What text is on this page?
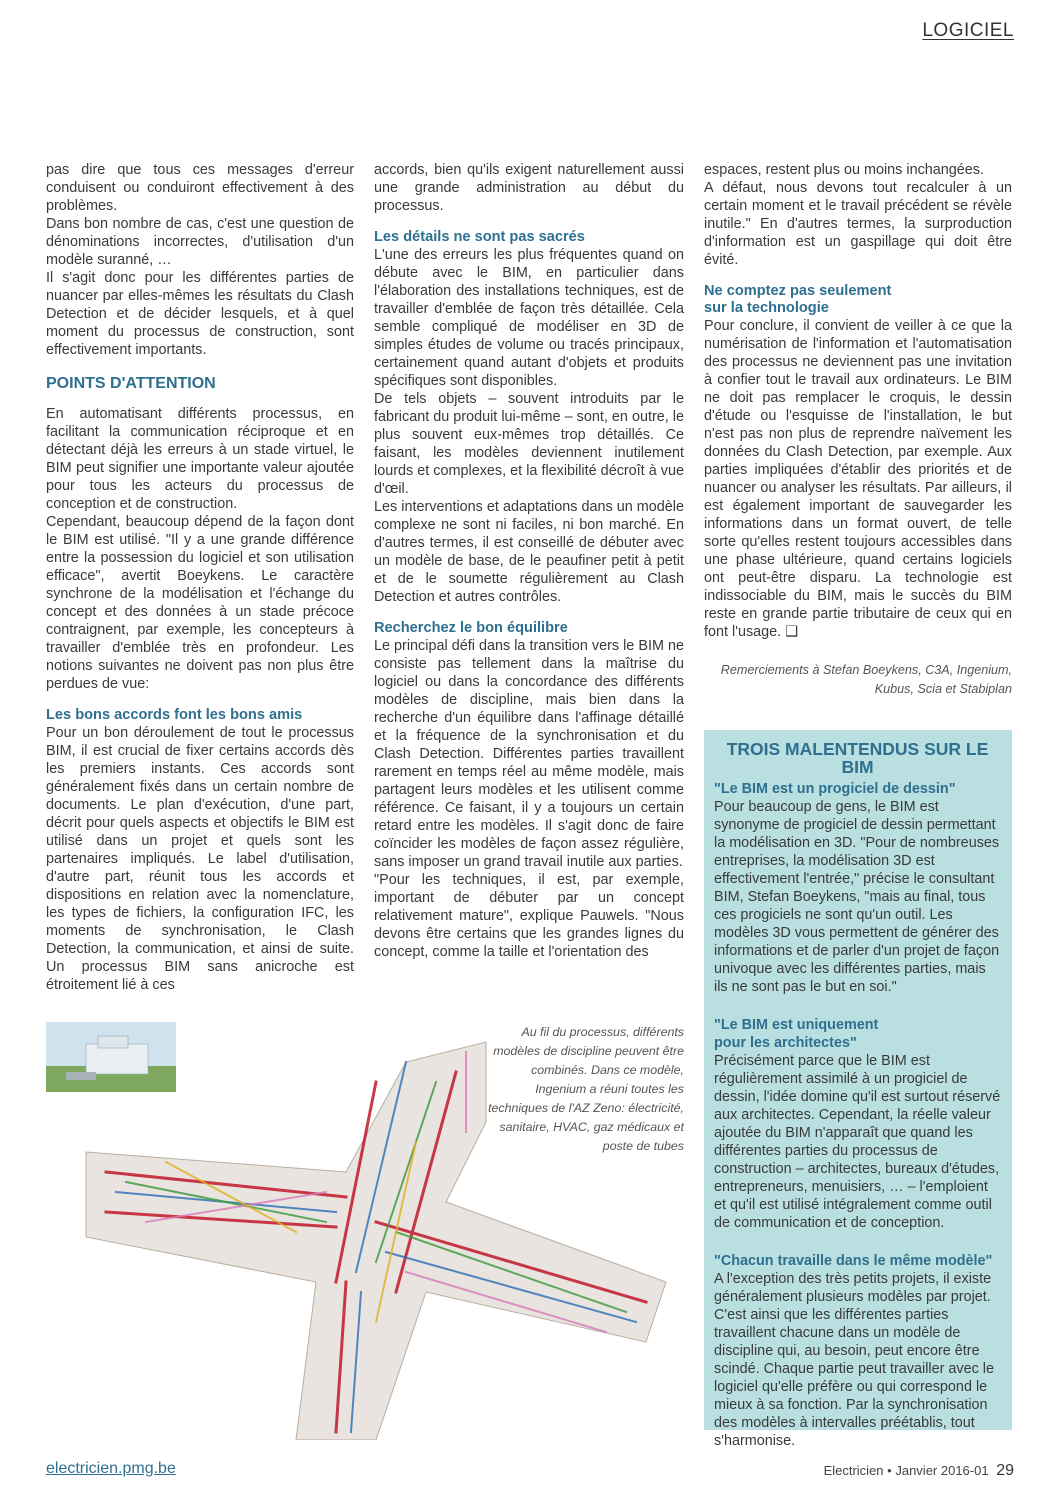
LOGICIEL

pas dire que tous ces messages d'erreur conduisent ou conduiront effectivement à des problèmes.

Dans bon nombre de cas, c'est une question de dénominations incorrectes, d'utilisation d'un modèle suranné, …

Il s'agit donc pour les différentes parties de nuancer par elles-mêmes les résultats du Clash Detection et de décider lesquels, et à quel moment du processus de construction, sont effectivement importants.

POINTS D'ATTENTION

En automatisant différents processus, en facilitant la communication réciproque et en détectant déjà les erreurs à un stade virtuel, le BIM peut signifier une importante valeur ajoutée pour tous les acteurs du processus de conception et de construction.

Cependant, beaucoup dépend de la façon dont le BIM est utilisé. "Il y a une grande différence entre la possession du logiciel et son utilisation efficace", avertit Boeykens. Le caractère synchrone de la modélisation et l'échange du concept et des données à un stade précoce contraignent, par exemple, les concepteurs à travailler d'emblée très en profondeur. Les notions suivantes ne doivent pas non plus être perdues de vue:

Les bons accords font les bons amis

Pour un bon déroulement de tout le processus BIM, il est crucial de fixer certains accords dès les premiers instants. Ces accords sont généralement fixés dans un certain nombre de documents. Le plan d'exécution, d'une part, décrit pour quels aspects et objectifs le BIM est utilisé dans un projet et quels sont les partenaires impliqués. Le label d'utilisation, d'autre part, réunit tous les accords et dispositions en relation avec la nomenclature, les types de fichiers, la configuration IFC, les moments de synchronisation, le Clash Detection, la communication, et ainsi de suite. Un processus BIM sans anicroche est étroitement lié à ces

accords, bien qu'ils exigent naturellement aussi une grande administration au début du processus.

Les détails ne sont pas sacrés

L'une des erreurs les plus fréquentes quand on débute avec le BIM, en particulier dans l'élaboration des installations techniques, est de travailler d'emblée de façon très détaillée. Cela semble compliqué de modéliser en 3D de simples études de volume ou tracés principaux, certainement quand autant d'objets et produits spécifiques sont disponibles.

De tels objets – souvent introduits par le fabricant du produit lui-même – sont, en outre, le plus souvent eux-mêmes trop détaillés. Ce faisant, les modèles deviennent inutilement lourds et complexes, et la flexibilité décroît à vue d'œil.

Les interventions et adaptations dans un modèle complexe ne sont ni faciles, ni bon marché. En d'autres termes, il est conseillé de débuter avec un modèle de base, de le peaufiner petit à petit et de le soumette régulièrement au Clash Detection et autres contrôles.

Recherchez le bon équilibre

Le principal défi dans la transition vers le BIM ne consiste pas tellement dans la maîtrise du logiciel ou dans la concordance des différents modèles de discipline, mais bien dans la recherche d'un équilibre dans l'affinage détaillé et la fréquence de la synchronisation et du Clash Detection. Différentes parties travaillent rarement en temps réel au même modèle, mais partagent leurs modèles et les utilisent comme référence. Ce faisant, il y a toujours un certain retard entre les modèles. Il s'agit donc de faire coïncider les modèles de façon assez régulière, sans imposer un grand travail inutile aux parties.

"Pour les techniques, il est, par exemple, important de débuter par un concept relativement mature", explique Pauwels. "Nous devons être certains que les grandes lignes du concept, comme la taille et l'orientation des

espaces, restent plus ou moins inchangées.

A défaut, nous devons tout recalculer à un certain moment et le travail précédent se révèle inutile." En d'autres termes, la surproduction d'information est un gaspillage qui doit être évité.

Ne comptez pas seulement
sur la technologie

Pour conclure, il convient de veiller à ce que la numérisation de l'information et l'automatisation des processus ne deviennent pas une invitation à confier tout le travail aux ordinateurs. Le BIM ne doit pas remplacer le croquis, le dessin d'étude ou l'esquisse de l'installation, le but n'est pas non plus de reprendre naïvement les données du Clash Detection, par exemple. Aux parties impliquées d'établir des priorités et de nuancer ou analyser les résultats. Par ailleurs, il est également important de sauvegarder les informations dans un format ouvert, de telle sorte qu'elles restent toujours accessibles dans une phase ultérieure, quand certains logiciels ont peut-être disparu. La technologie est indissociable du BIM, mais le succès du BIM reste en grande partie tributaire de ceux qui en font l'usage. ❑

Remerciements à Stefan Boeykens, C3A, Ingenium,
Kubus, Scia et Stabiplan
TROIS MALENTENDUS SUR LE BIM
"Le BIM est un progiciel de dessin"

Pour beaucoup de gens, le BIM est synonyme de progiciel de dessin permettant la modélisation en 3D. "Pour de nombreuses entreprises, la modélisation 3D est effectivement l'entrée," précise le consultant BIM, Stefan Boeykens, "mais au final, tous ces progiciels ne sont qu'un outil. Les modèles 3D vous permettent de générer des informations et de parler d'un projet de façon univoque avec les différentes parties, mais ils ne sont pas le but en soi."

"Le BIM est uniquement
pour les architectes"

Précisément parce que le BIM est régulièrement assimilé à un progiciel de dessin, l'idée domine qu'il est surtout réservé aux architectes. Cependant, la réelle valeur ajoutée du BIM n'apparaît que quand les différentes parties du processus de construction – architectes, bureaux d'études, entrepreneurs, menuisiers, … – l'emploient et qu'il est utilisé intégralement comme outil de communication et de conception.

"Chacun travaille dans le même modèle"

A l'exception des très petits projets, il existe généralement plusieurs modèles par projet. C'est ainsi que les différentes parties travaillent chacune dans un modèle de discipline qui, au besoin, peut encore être scindé. Chaque partie peut travailler avec le logiciel qu'elle préfère ou qui correspond le mieux à sa fonction. Par la synchronisation des modèles à intervalles préétablis, tout s'harmonise.

Au fil du processus, différents modèles de discipline peuvent être combinés. Dans ce modèle, Ingenium a réuni toutes les techniques de l'AZ Zeno: électricité, sanitaire, HVAC, gaz médicaux et poste de tubes
electricien.pmg.be	Electricien • Janvier 2016-01 29
